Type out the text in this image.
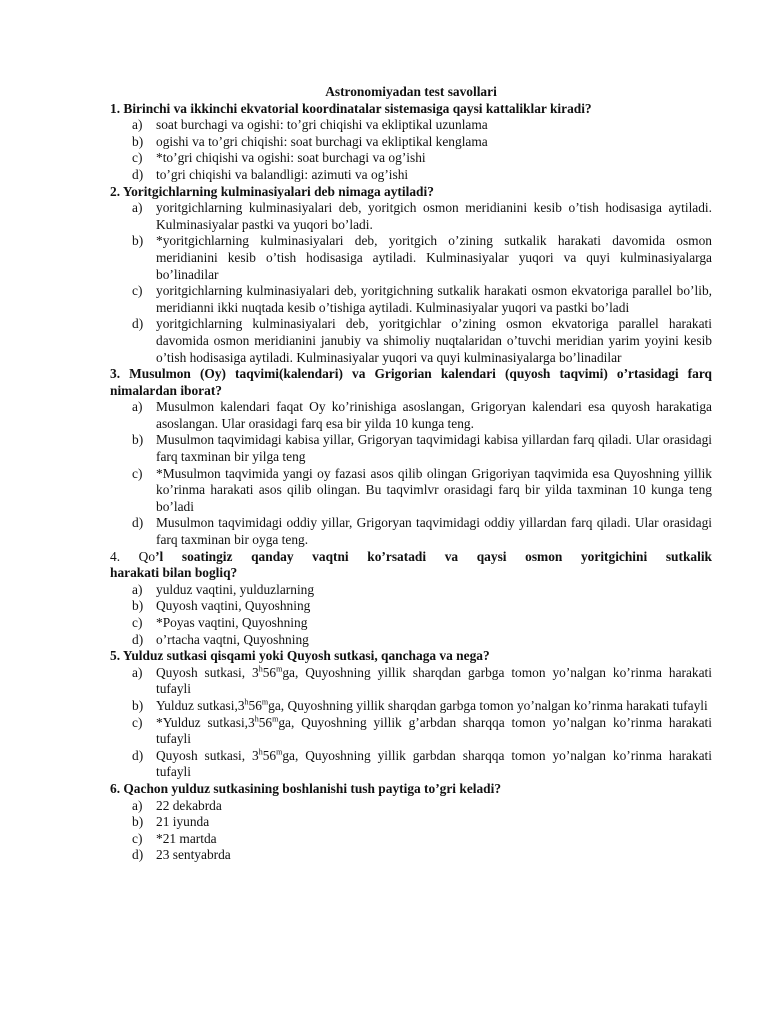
Astronomiyadan test savollari

1. Birinchi va ikkinchi ekvatorial koordinatalar sistemasiga qaysi kattaliklar kiradi?

a) soat burchagi va ogishi: to’gri chiqishi va ekliptikal uzunlama
b) ogishi va to’gri chiqishi: soat burchagi va ekliptikal kenglama
c) *to’gri chiqishi va ogishi: soat burchagi va og’ishi
d) to’gri chiqishi va balandligi: azimuti va og’ishi

2. Yoritgichlarning kulminasiyalari deb nimaga aytiladi?

a) yoritgichlarning kulminasiyalari deb, yoritgich osmon meridianini kesib o’tish hodisasiga aytiladi. Kulminasiyalar pastki va yuqori bo’ladi.
b) *yoritgichlarning kulminasiyalari deb, yoritgich o’zining sutkalik harakati davomida osmon meridianini kesib o’tish hodisasiga aytiladi. Kulminasiyalar yuqori va quyi kulminasiyalarga bo’linadilar
c) yoritgichlarning kulminasiyalari deb, yoritgichning sutkalik harakati osmon ekvatoriga parallel bo’lib, meridianni ikki nuqtada kesib o’tishiga aytiladi. Kulminasiyalar yuqori va pastki bo’ladi
d) yoritgichlarning kulminasiyalari deb, yoritgichlar o’zining osmon ekvatoriga parallel harakati davomida osmon meridianini janubiy va shimoliy nuqtalaridan o’tuvchi meridian yarim yoyini kesib o’tish hodisasiga aytiladi. Kulminasiyalar yuqori va quyi kulminasiyalarga bo’linadilar

3. Musulmon (Oy) taqvimi(kalendari) va Grigorian kalendari (quyosh taqvimi) o’rtasidagi farq nimalardan iborat?

a) Musulmon kalendari faqat Oy ko’rinishiga asoslangan, Grigoryan kalendari esa quyosh harakatiga asoslangan. Ular orasidagi farq esa bir yilda 10 kunga teng.
b) Musulmon taqvimidagi kabisa yillar, Grigoryan taqvimidagi kabisa yillardan farq qiladi. Ular orasidagi farq taxminan bir yilga teng
c) *Musulmon taqvimida yangi oy fazasi asos qilib olingan Grigoriyan taqvimida esa Quyoshning yillik ko’rinma harakati asos qilib olingan. Bu taqvimlvr orasidagi farq bir yilda taxminan 10 kunga teng bo’ladi
d) Musulmon taqvimidagi oddiy yillar, Grigoryan taqvimidagi oddiy yillardan farq qiladi. Ular orasidagi farq taxminan bir oyga teng.

4. Qo’l soatingiz qanday vaqtni ko’rsatadi va qaysi osmon yoritgichini sutkalik

harakati bilan bogliq?

a) yulduz vaqtini, yulduzlarning
b) Quyosh vaqtini, Quyoshning
c) *Poyas vaqtini, Quyoshning
d) o’rtacha vaqtni, Quyoshning

5. Yulduz sutkasi qisqami yoki Quyosh sutkasi, qanchaga va nega?

a) Quyosh sutkasi, 3$^h$56$^m$ga, Quyoshning yillik sharqdan garbga tomon yo’nalgan ko’rinma harakati tufayli
b) Yulduz sutkasi,3$^h$56$^m$ga, Quyoshning yillik sharqdan garbga tomon yo’nalgan ko’rinma harakati tufayli
c) *Yulduz sutkasi,3$^h$56$^m$ga, Quyoshning yillik g’arbdan sharqqa tomon yo’nalgan ko’rinma harakati tufayli
d) Quyosh sutkasi, 3$^h$56$^m$ga, Quyoshning yillik garbdan sharqqa tomon yo’nalgan ko’rinma harakati tufayli

6. Qachon yulduz sutkasining boshlanishi tush paytiga to’gri keladi?

a) 22 dekabrda
b) 21 iyunda
c) *21 martda
d) 23 sentyabrda
